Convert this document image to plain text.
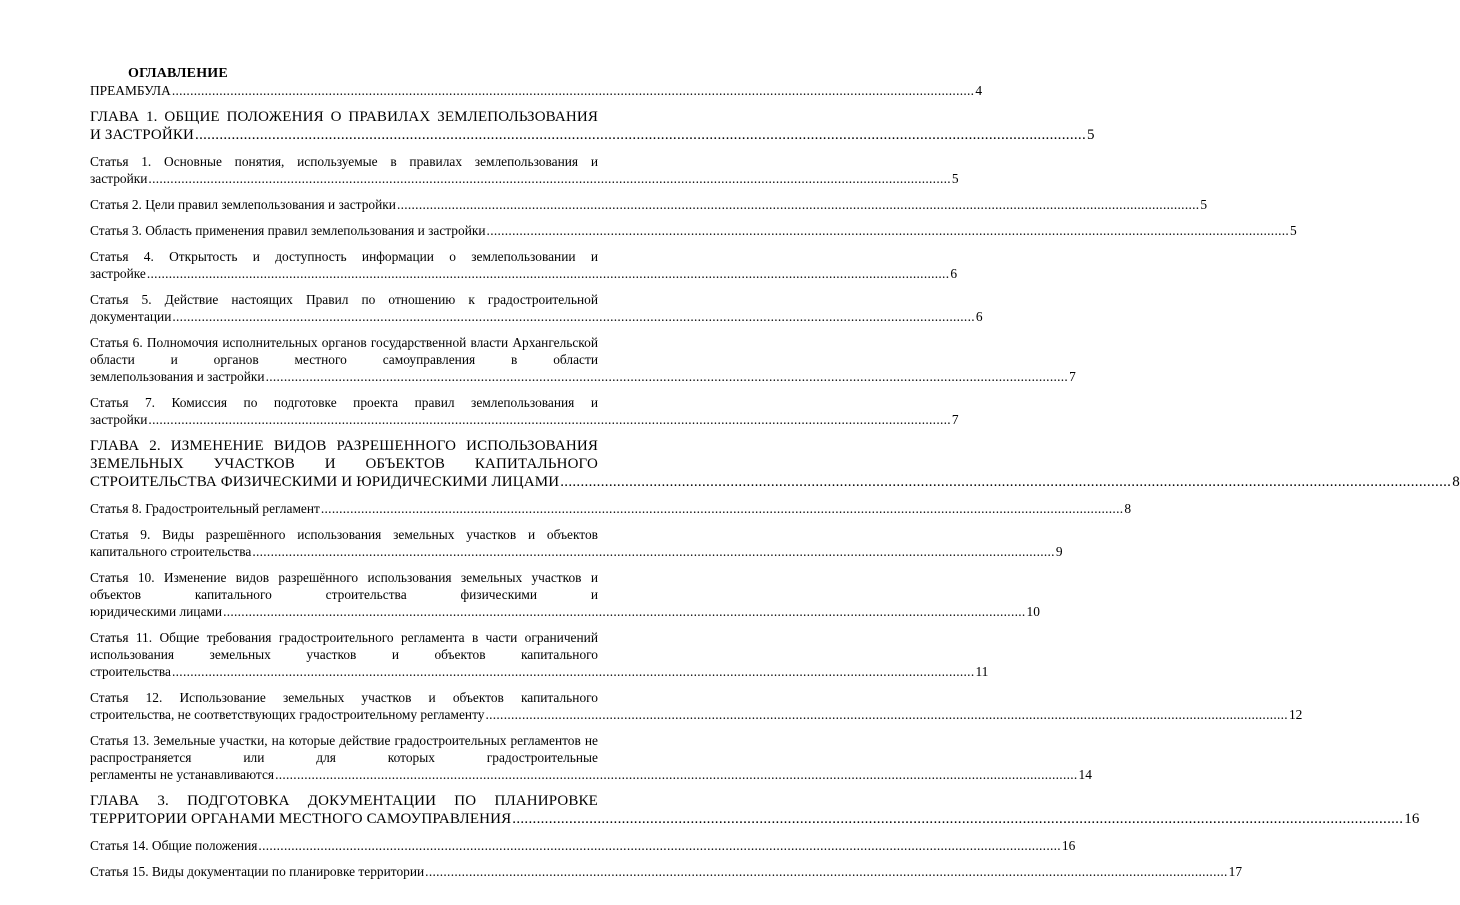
ОГЛАВЛЕНИЕ
ПРЕАМБУЛА ............................................................................................................................................................................................................................ 4
ГЛАВА 1. ОБЩИЕ ПОЛОЖЕНИЯ О ПРАВИЛАХ ЗЕМЛЕПОЛЬЗОВАНИЯ
И ЗАСТРОЙКИ ............................................................................................................................................................................................................................ 5
Статья 1. Основные понятия, используемые в правилах землепользования и
застройки ............................................................................................................................................................................................................................ 5
Статья 2. Цели правил землепользования и застройки ............................................................................................................................................................................................................................ 5
Статья 3. Область применения правил землепользования и застройки ............................................................................................................................................................................................................................ 5
Статья 4. Открытость и доступность информации о землепользовании и
застройке ............................................................................................................................................................................................................................ 6
Статья 5. Действие настоящих Правил по отношению к градостроительной
документации ............................................................................................................................................................................................................................ 6
Статья 6. Полномочия исполнительных органов государственной власти Архангельской области и органов местного самоуправления в области
землепользования и застройки ............................................................................................................................................................................................................................ 7
Статья 7. Комиссия по подготовке проекта правил землепользования и
застройки ............................................................................................................................................................................................................................ 7
ГЛАВА 2. ИЗМЕНЕНИЕ ВИДОВ РАЗРЕШЕННОГО ИСПОЛЬЗОВАНИЯ ЗЕМЕЛЬНЫХ УЧАСТКОВ И ОБЪЕКТОВ КАПИТАЛЬНОГО
СТРОИТЕЛЬСТВА ФИЗИЧЕСКИМИ И ЮРИДИЧЕСКИМИ ЛИЦАМИ ............................................................................................................................................................................................................................ 8
Статья 8. Градостроительный регламент ............................................................................................................................................................................................................................ 8
Статья 9. Виды разрешённого использования земельных участков и объектов
капитального строительства ............................................................................................................................................................................................................................ 9
Статья 10. Изменение видов разрешённого использования земельных участков и объектов капитального строительства физическими и
юридическими лицами ............................................................................................................................................................................................................................ 10
Статья 11. Общие требования градостроительного регламента в части ограничений использования земельных участков и объектов капитального
строительства ............................................................................................................................................................................................................................ 11
Статья 12. Использование земельных участков и объектов капитального
строительства, не соответствующих градостроительному регламенту ............................................................................................................................................................................................................................ 12
Статья 13. Земельные участки, на которые действие градостроительных регламентов не распространяется или для которых градостроительные
регламенты не устанавливаются ............................................................................................................................................................................................................................ 14
ГЛАВА 3. ПОДГОТОВКА ДОКУМЕНТАЦИИ ПО ПЛАНИРОВКЕ
ТЕРРИТОРИИ ОРГАНАМИ МЕСТНОГО САМОУПРАВЛЕНИЯ ............................................................................................................................................................................................................................ 16
Статья 14. Общие положения ............................................................................................................................................................................................................................ 16
Статья 15. Виды документации по планировке территории ............................................................................................................................................................................................................................ 17
